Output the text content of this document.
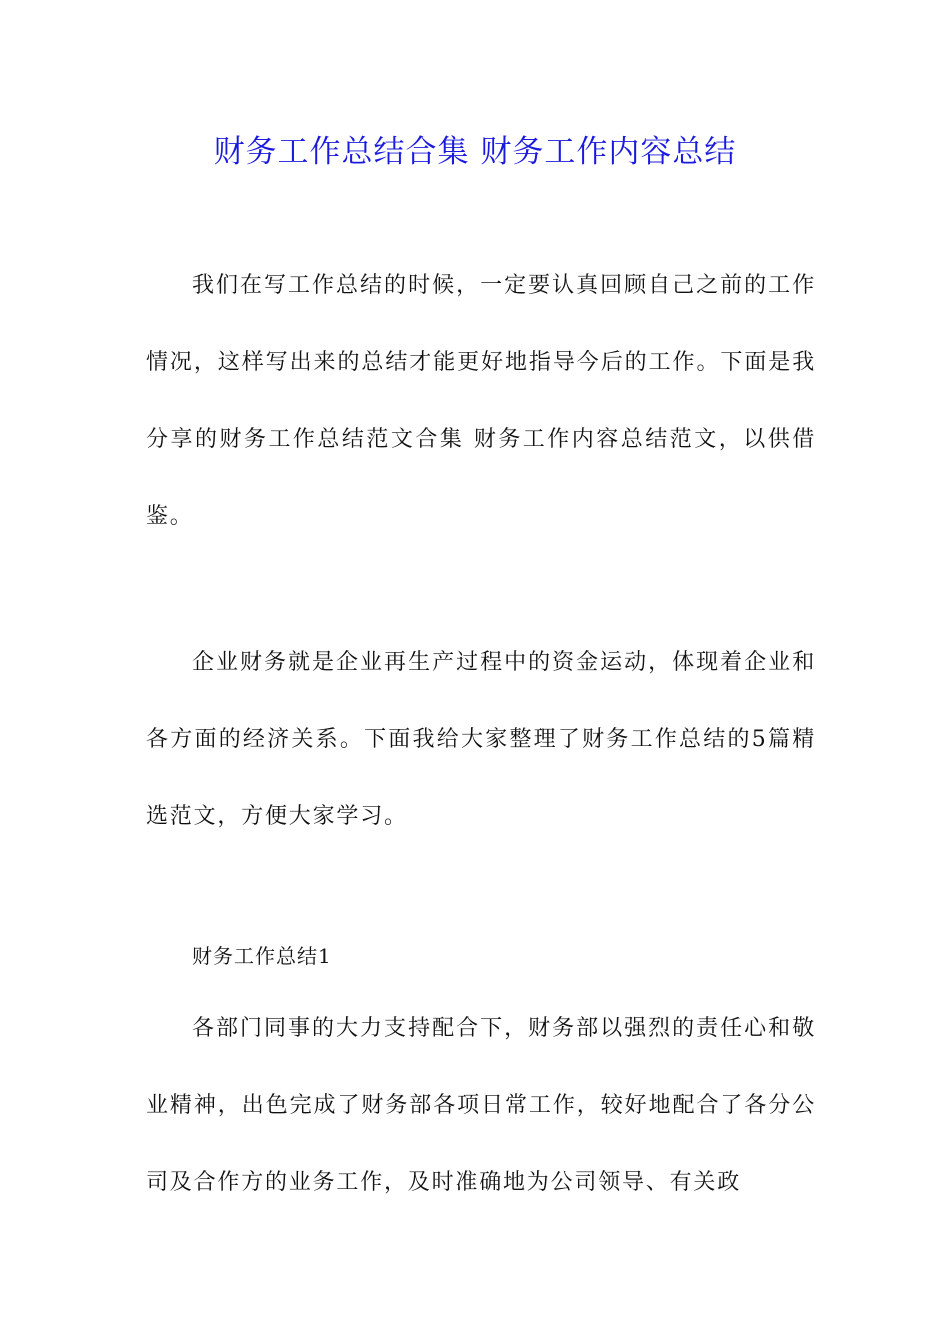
财务工作总结合集 财务工作内容总结

我们在写工作总结的时候，一定要认真回顾自己之前的工作情况，这样写出来的总结才能更好地指导今后的工作。下面是我分享的财务工作总结范文合集 财务工作内容总结范文，以供借鉴。

企业财务就是企业再生产过程中的资金运动，体现着企业和各方面的经济关系。下面我给大家整理了财务工作总结的5篇精选范文，方便大家学习。

财务工作总结1

各部门同事的大力支持配合下，财务部以强烈的责任心和敬业精神，出色完成了财务部各项日常工作，较好地配合了各分公司及合作方的业务工作，及时准确地为公司领导、有关政
